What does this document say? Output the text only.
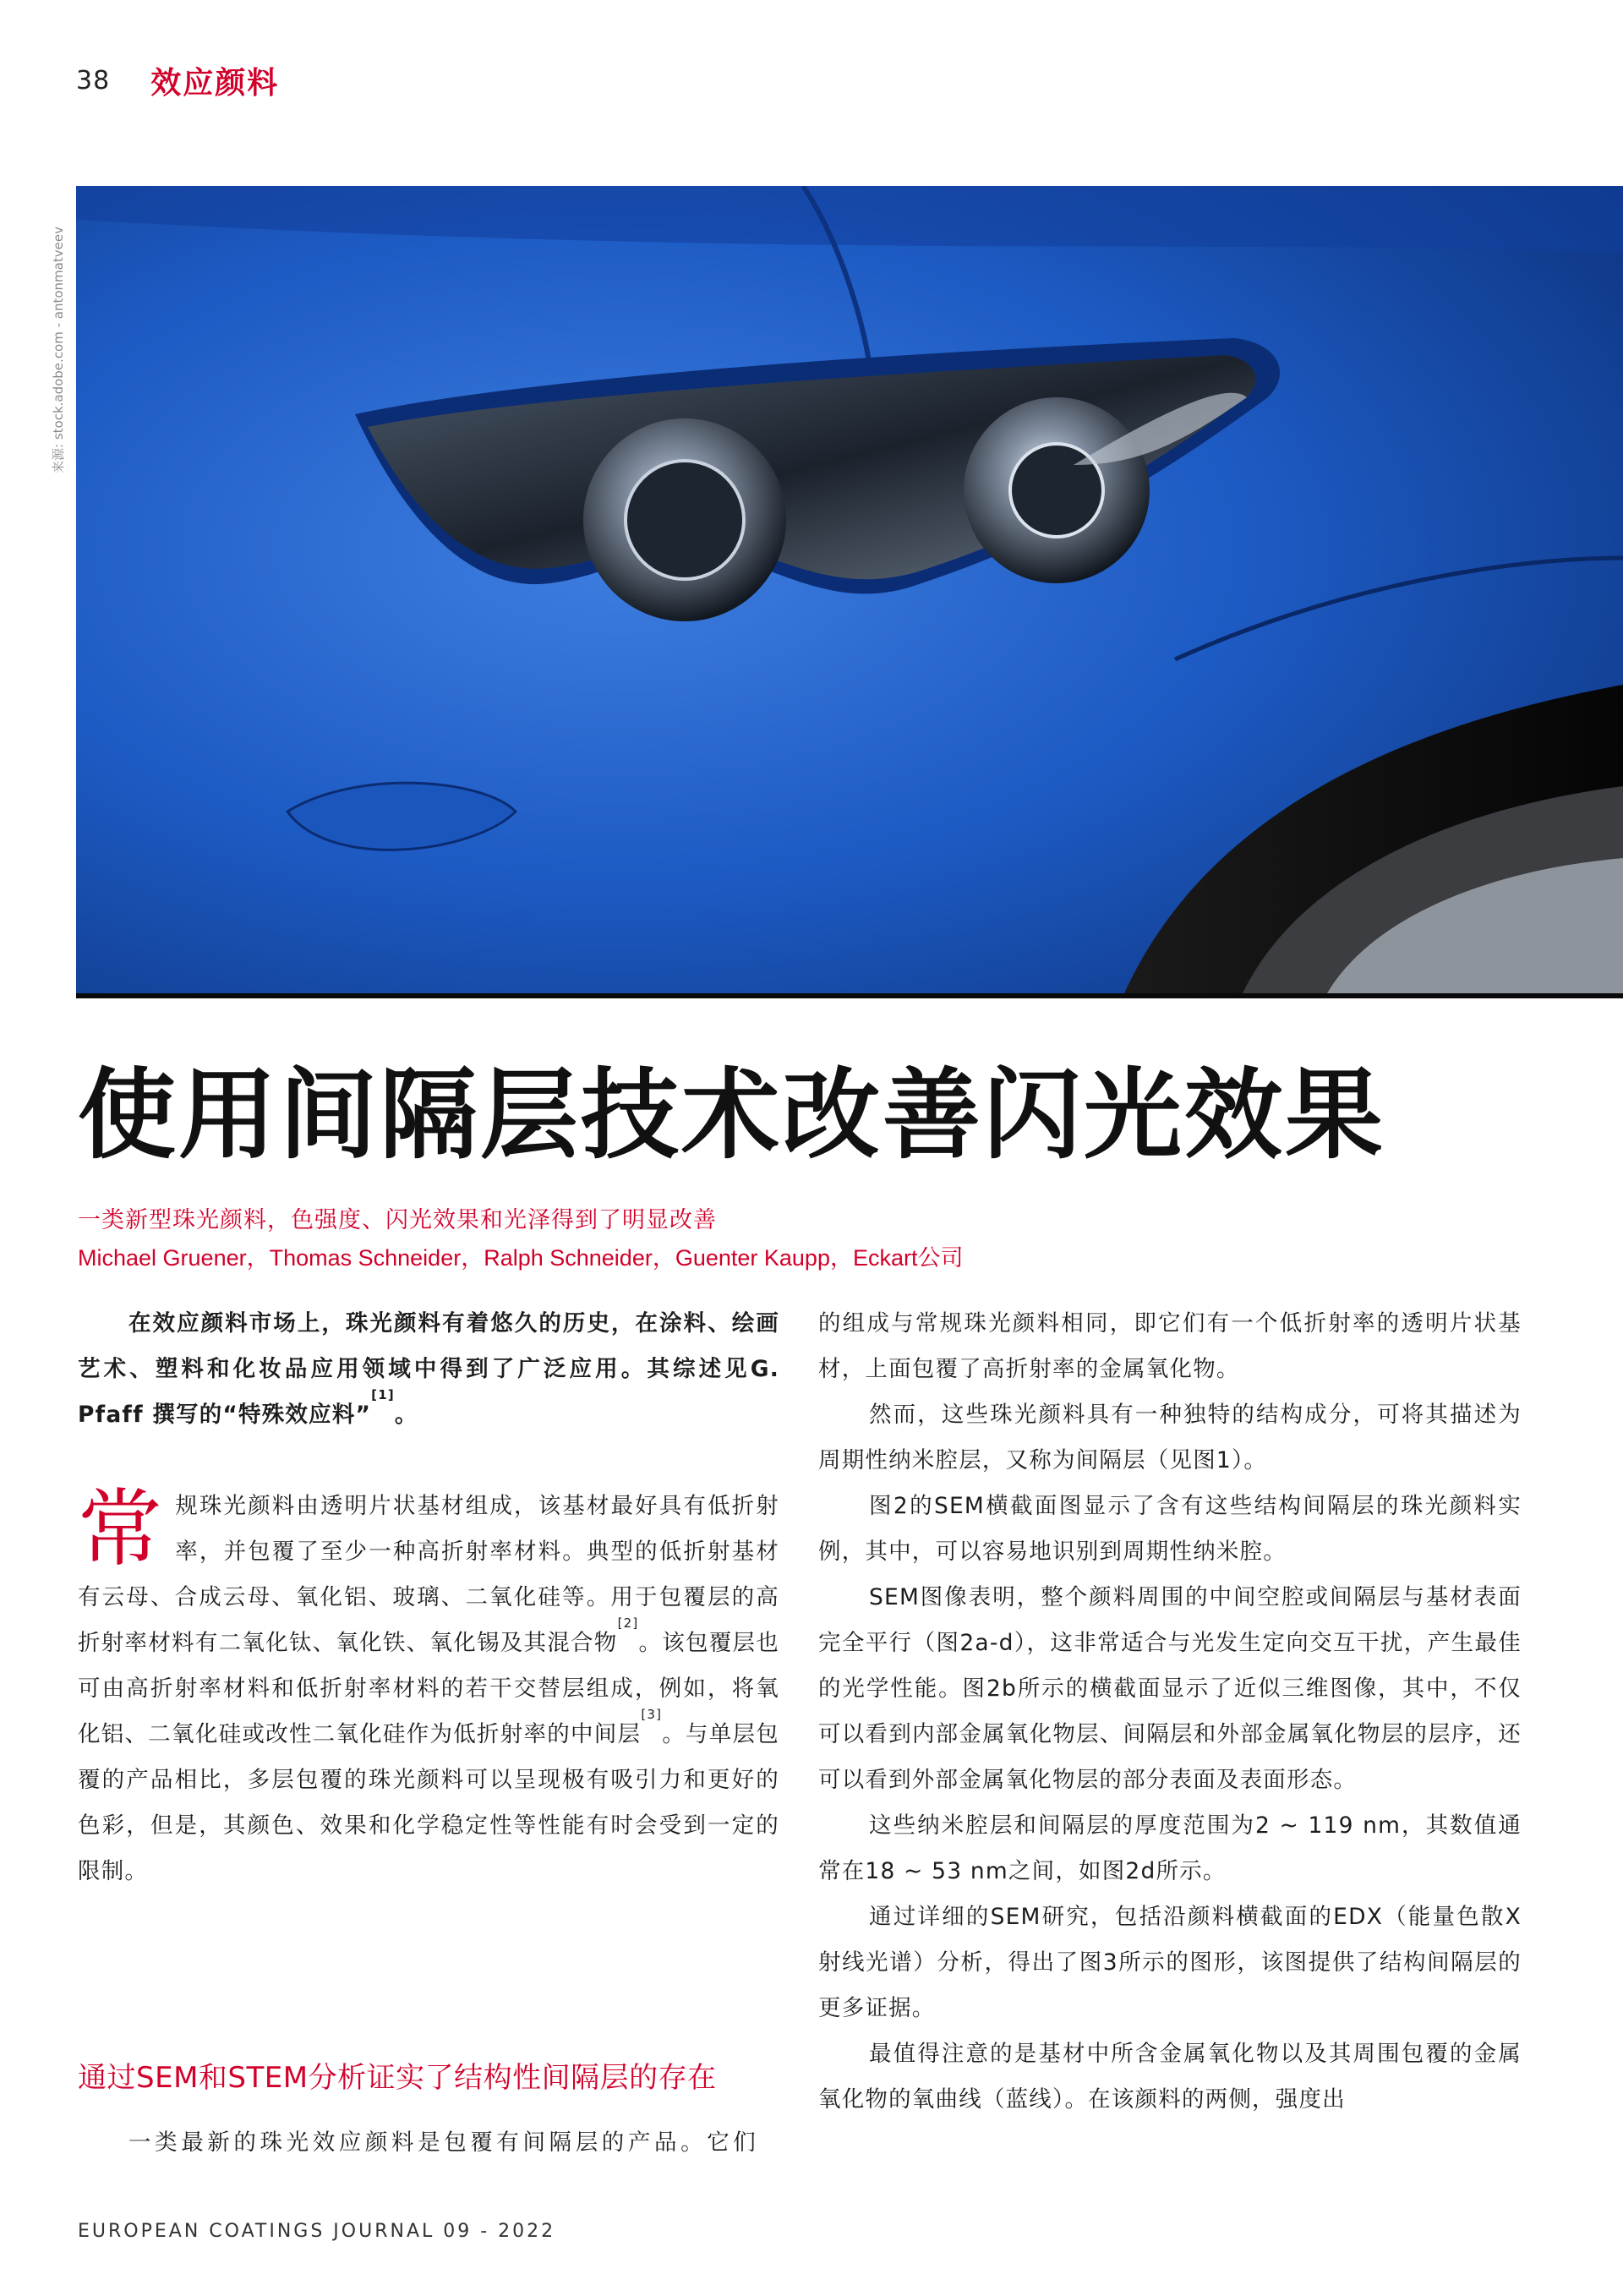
38 效应颜料
来源: stock.adobe.com - antonmatveev
使用间隔层技术改善闪光效果
一类新型珠光颜料，色强度、闪光效果和光泽得到了明显改善
Michael Gruener，Thomas Schneider，Ralph Schneider，Guenter Kaupp，Eckart公司

在效应颜料市场上，珠光颜料有着悠久的历史，在涂料、绘画艺术、塑料和化妆品应用领域中得到了广泛应用。其综述见G. Pfaff 撰写的“特殊效应料”[1]。

常规珠光颜料由透明片状基材组成，该基材最好具有低折射率，并包覆了至少一种高折射率材料。典型的低折射基材有云母、合成云母、氧化铝、玻璃、二氧化硅等。用于包覆层的高折射率材料有二氧化钛、氧化铁、氧化锡及其混合物[2]。该包覆层也可由高折射率材料和低折射率材料的若干交替层组成，例如，将氧化铝、二氧化硅或改性二氧化硅作为低折射率的中间层[3]。与单层包覆的产品相比，多层包覆的珠光颜料可以呈现极有吸引力和更好的色彩，但是，其颜色、效果和化学稳定性等性能有时会受到一定的限制。

通过SEM和STEM分析证实了结构性间隔层的存在
一类最新的珠光效应颜料是包覆有间隔层的产品。它们

的组成与常规珠光颜料相同，即它们有一个低折射率的透明片状基材，上面包覆了高折射率的金属氧化物。

然而，这些珠光颜料具有一种独特的结构成分，可将其描述为周期性纳米腔层，又称为间隔层（见图1）。

图2的SEM横截面图显示了含有这些结构间隔层的珠光颜料实例，其中，可以容易地识别到周期性纳米腔。

SEM图像表明，整个颜料周围的中间空腔或间隔层与基材表面完全平行（图2a-d），这非常适合与光发生定向交互干扰，产生最佳的光学性能。图2b所示的横截面显示了近似三维图像，其中，不仅可以看到内部金属氧化物层、间隔层和外部金属氧化物层的层序，还可以看到外部金属氧化物层的部分表面及表面形态。

这些纳米腔层和间隔层的厚度范围为2 ~ 119 nm，其数值通常在18 ~ 53 nm之间，如图2d所示。

通过详细的SEM研究，包括沿颜料横截面的EDX（能量色散X射线光谱）分析，得出了图3所示的图形，该图提供了结构间隔层的更多证据。

最值得注意的是基材中所含金属氧化物以及其周围包覆的金属氧化物的氧曲线（蓝线）。在该颜料的两侧，强度出

EUROPEAN COATINGS JOURNAL 09 - 2022
